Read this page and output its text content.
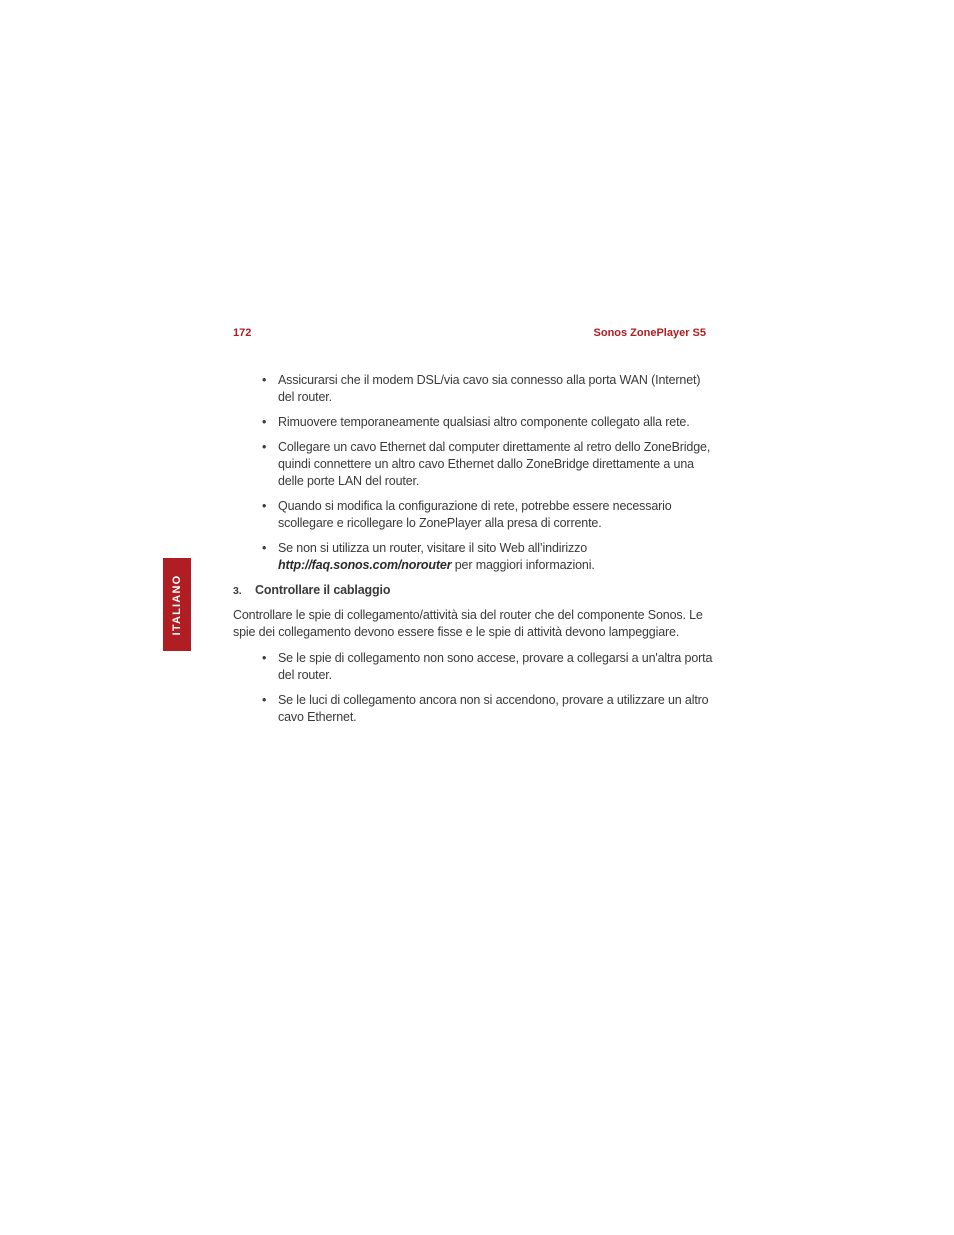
172	Sonos ZonePlayer S5
ITALIANO
• Assicurarsi che il modem DSL/via cavo sia connesso alla porta WAN (Internet) del router.
• Rimuovere temporaneamente qualsiasi altro componente collegato alla rete.
• Collegare un cavo Ethernet dal computer direttamente al retro dello ZoneBridge, quindi connettere un altro cavo Ethernet dallo ZoneBridge direttamente a una delle porte LAN del router.
• Quando si modifica la configurazione di rete, potrebbe essere necessario scollegare e ricollegare lo ZonePlayer alla presa di corrente.
• Se non si utilizza un router, visitare il sito Web all’indirizzo http://faq.sonos.com/norouter per maggiori informazioni.
3. Controllare il cablaggio

Controllare le spie di collegamento/attività sia del router che del componente Sonos. Le spie dei collegamento devono essere fisse e le spie di attività devono lampeggiare.

• Se le spie di collegamento non sono accese, provare a collegarsi a un'altra porta del router.
• Se le luci di collegamento ancora non si accendono, provare a utilizzare un altro cavo Ethernet.
